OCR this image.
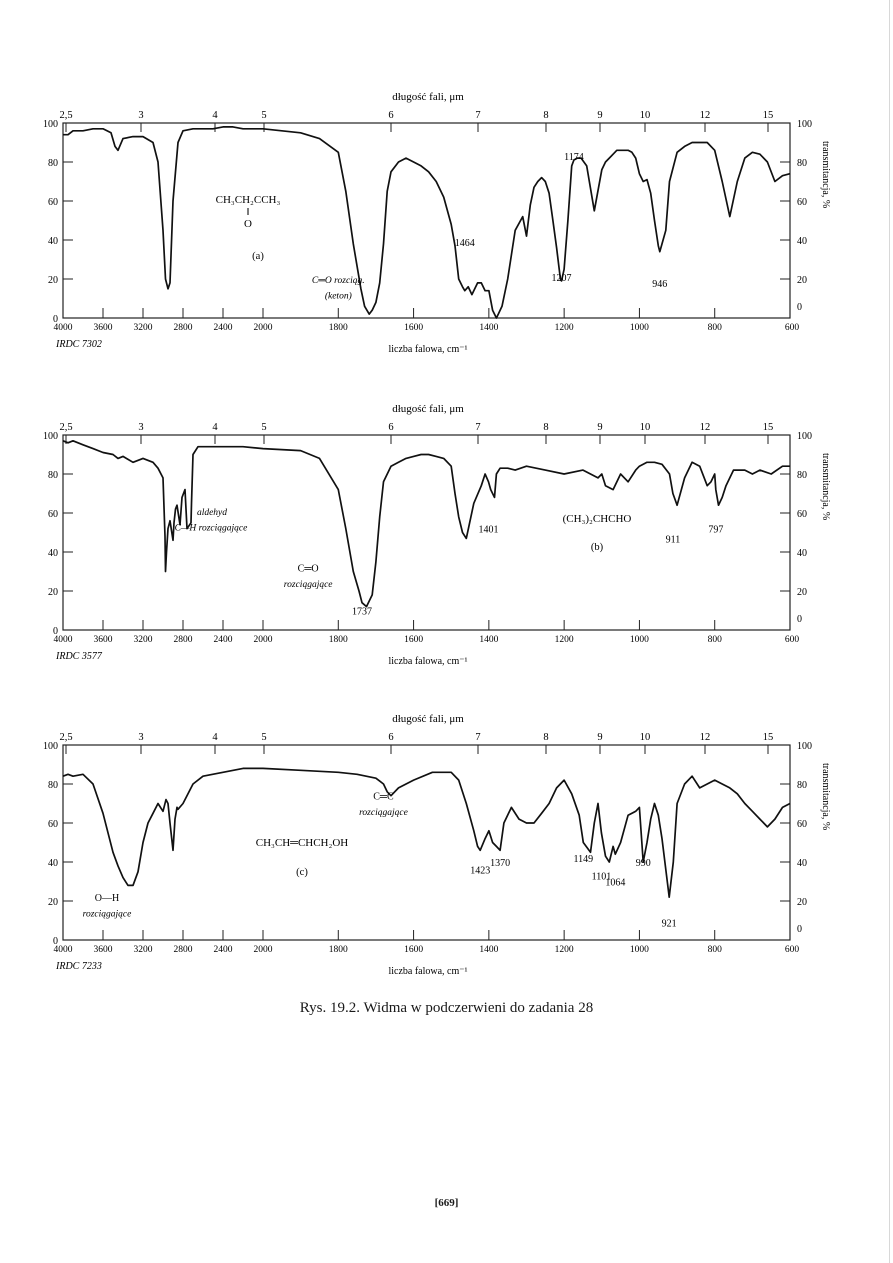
długość fali, μm
2,5	3	4	5	6	7	8	9	10	12	15
4000 3600 3200 2800 2400 2000	1800	1600	1400	1200	1000	800	600
liczba falowa, cm⁻¹
IRDC 7302
0
20
40
60
80
100
0
20
40
60
80
100
transmitancja, %
CH₃CH₂CCH₃
‖
O
(a)
1174
1464
1207
946
C═O rozciąg.
(keton)
długość fali, μm
2,5	3	4	5	6	7	8	9	10	12	15
4000 3600 3200 2800 2400 2000	1800	1600	1400	1200	1000	800	600
liczba falowa, cm⁻¹
IRDC 3577
0
20
40
60
80
100
0
20
40
60
80
100
transmitancja, %
(CH₃)₂CHCHO
(b)
aldehyd
C—H rozciągające
C═O
rozciągające
1737
1401
911
797
długość fali, μm
2,5	3	4	5	6	7	8	9	10	12	15
4000 3600 3200 2800 2400 2000	1800	1600	1400	1200	1000	800	600
liczba falowa, cm⁻¹
IRDC 7233
0
20
40
60
80
100
0
20
40
60
80
100
transmitancja, %
CH₃CH═CHCH₂OH
(c)
C═C
rozciągające
O—H
rozciągające
1423
1370	1149
1101
1064
990
921
Rys. 19.2. Widma w podczerwieni do zadania 28
[669]
